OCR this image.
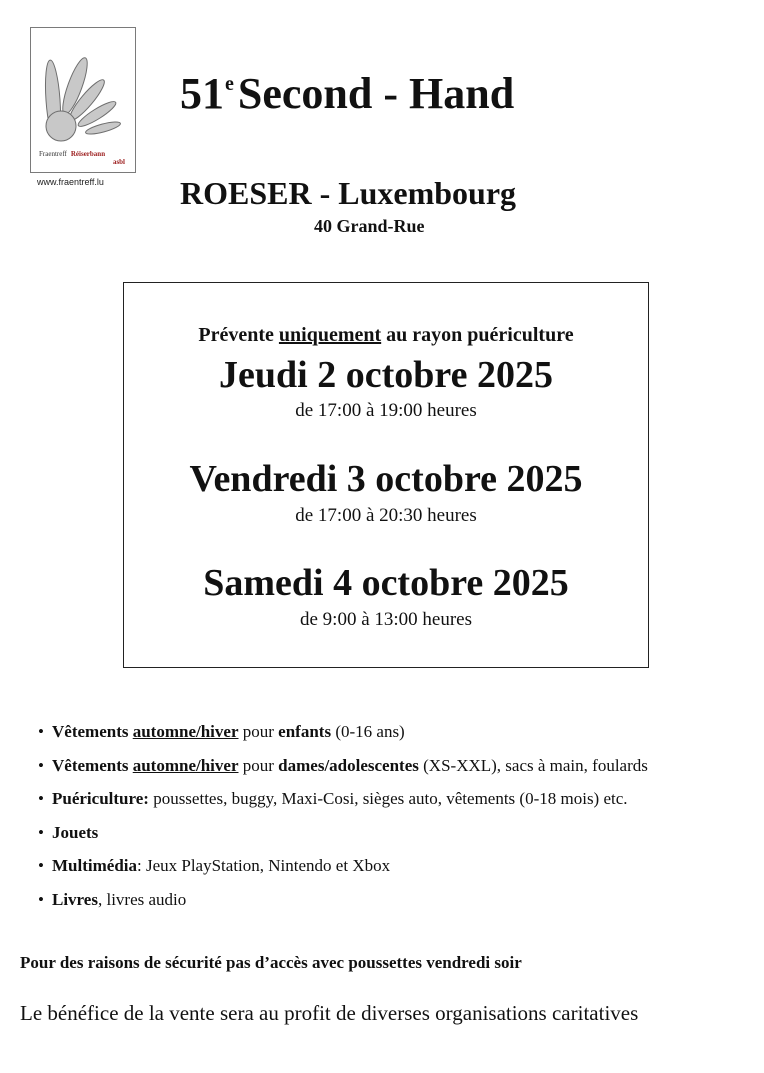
Fraentreff Réiserbann
asbl
www.fraentreff.lu
51eSecond - Hand
ROESER - Luxembourg
40 Grand-Rue
Prévente uniquement au rayon puériculture
Jeudi 2 octobre 2025
de 17:00 à 19:00 heures
Vendredi 3 octobre 2025
de 17:00 à 20:30 heures
Samedi 4 octobre 2025
de 9:00 à 13:00 heures
• Vêtements automne/hiver pour enfants (0-16 ans)
• Vêtements automne/hiver pour dames/adolescentes (XS-XXL), sacs à main, foulards
• Puériculture: poussettes, buggy, Maxi-Cosi, sièges auto, vêtements (0-18 mois) etc.
• Jouets
• Multimédia: Jeux PlayStation, Nintendo et Xbox
• Livres, livres audio
Pour des raisons de sécurité pas d’accès avec poussettes vendredi soir
Le bénéfice de la vente sera au profit de diverses organisations caritatives
